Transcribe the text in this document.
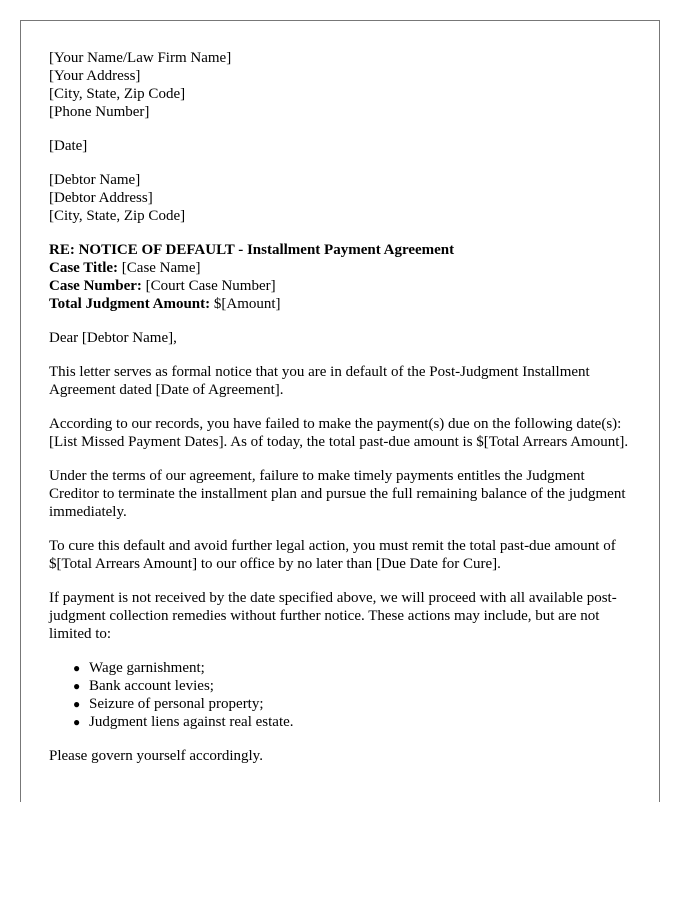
[Your Name/Law Firm Name]
[Your Address]
[City, State, Zip Code]
[Phone Number]
[Date]
[Debtor Name]
[Debtor Address]
[City, State, Zip Code]
RE: NOTICE OF DEFAULT - Installment Payment Agreement
Case Title: [Case Name]
Case Number: [Court Case Number]
Total Judgment Amount: $[Amount]

Dear [Debtor Name],

This letter serves as formal notice that you are in default of the Post-Judgment Installment Agreement dated [Date of Agreement].

According to our records, you have failed to make the payment(s) due on the following date(s): [List Missed Payment Dates]. As of today, the total past-due amount is $[Total Arrears Amount].

Under the terms of our agreement, failure to make timely payments entitles the Judgment Creditor to terminate the installment plan and pursue the full remaining balance of the judgment immediately.

To cure this default and avoid further legal action, you must remit the total past-due amount of $[Total Arrears Amount] to our office by no later than [Due Date for Cure].

If payment is not received by the date specified above, we will proceed with all available post-judgment collection remedies without further notice. These actions may include, but are not limited to:

● Wage garnishment;
● Bank account levies;
● Seizure of personal property;
● Judgment liens against real estate.

Please govern yourself accordingly.
